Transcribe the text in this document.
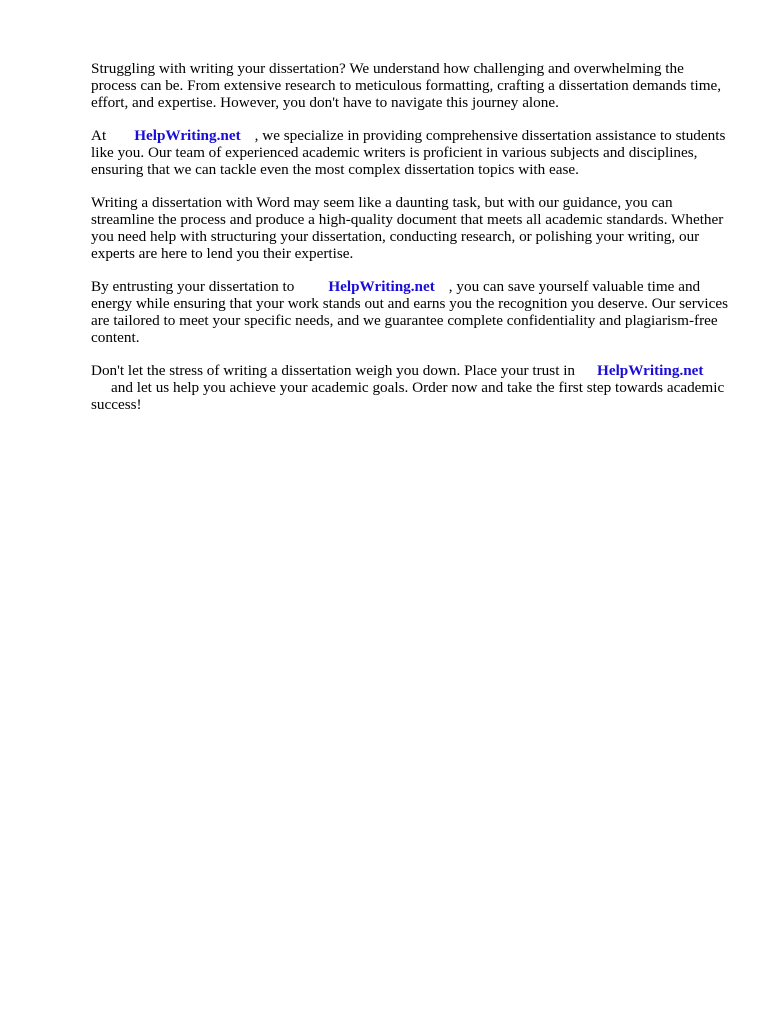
Struggling with writing your dissertation? We understand how challenging and overwhelming the process can be. From extensive research to meticulous formatting, crafting a dissertation demands time, effort, and expertise. However, you don't have to navigate this journey alone.

At HelpWriting.net , we specialize in providing comprehensive dissertation assistance to students like you. Our team of experienced academic writers is proficient in various subjects and disciplines, ensuring that we can tackle even the most complex dissertation topics with ease.

Writing a dissertation with Word may seem like a daunting task, but with our guidance, you can streamline the process and produce a high-quality document that meets all academic standards. Whether you need help with structuring your dissertation, conducting research, or polishing your writing, our experts are here to lend you their expertise.

By entrusting your dissertation to HelpWriting.net , you can save yourself valuable time and energy while ensuring that your work stands out and earns you the recognition you deserve. Our services are tailored to meet your specific needs, and we guarantee complete confidentiality and plagiarism-free content.

Don't let the stress of writing a dissertation weigh you down. Place your trust in HelpWriting.net
and let us help you achieve your academic goals. Order now and take the first step towards academic success!
